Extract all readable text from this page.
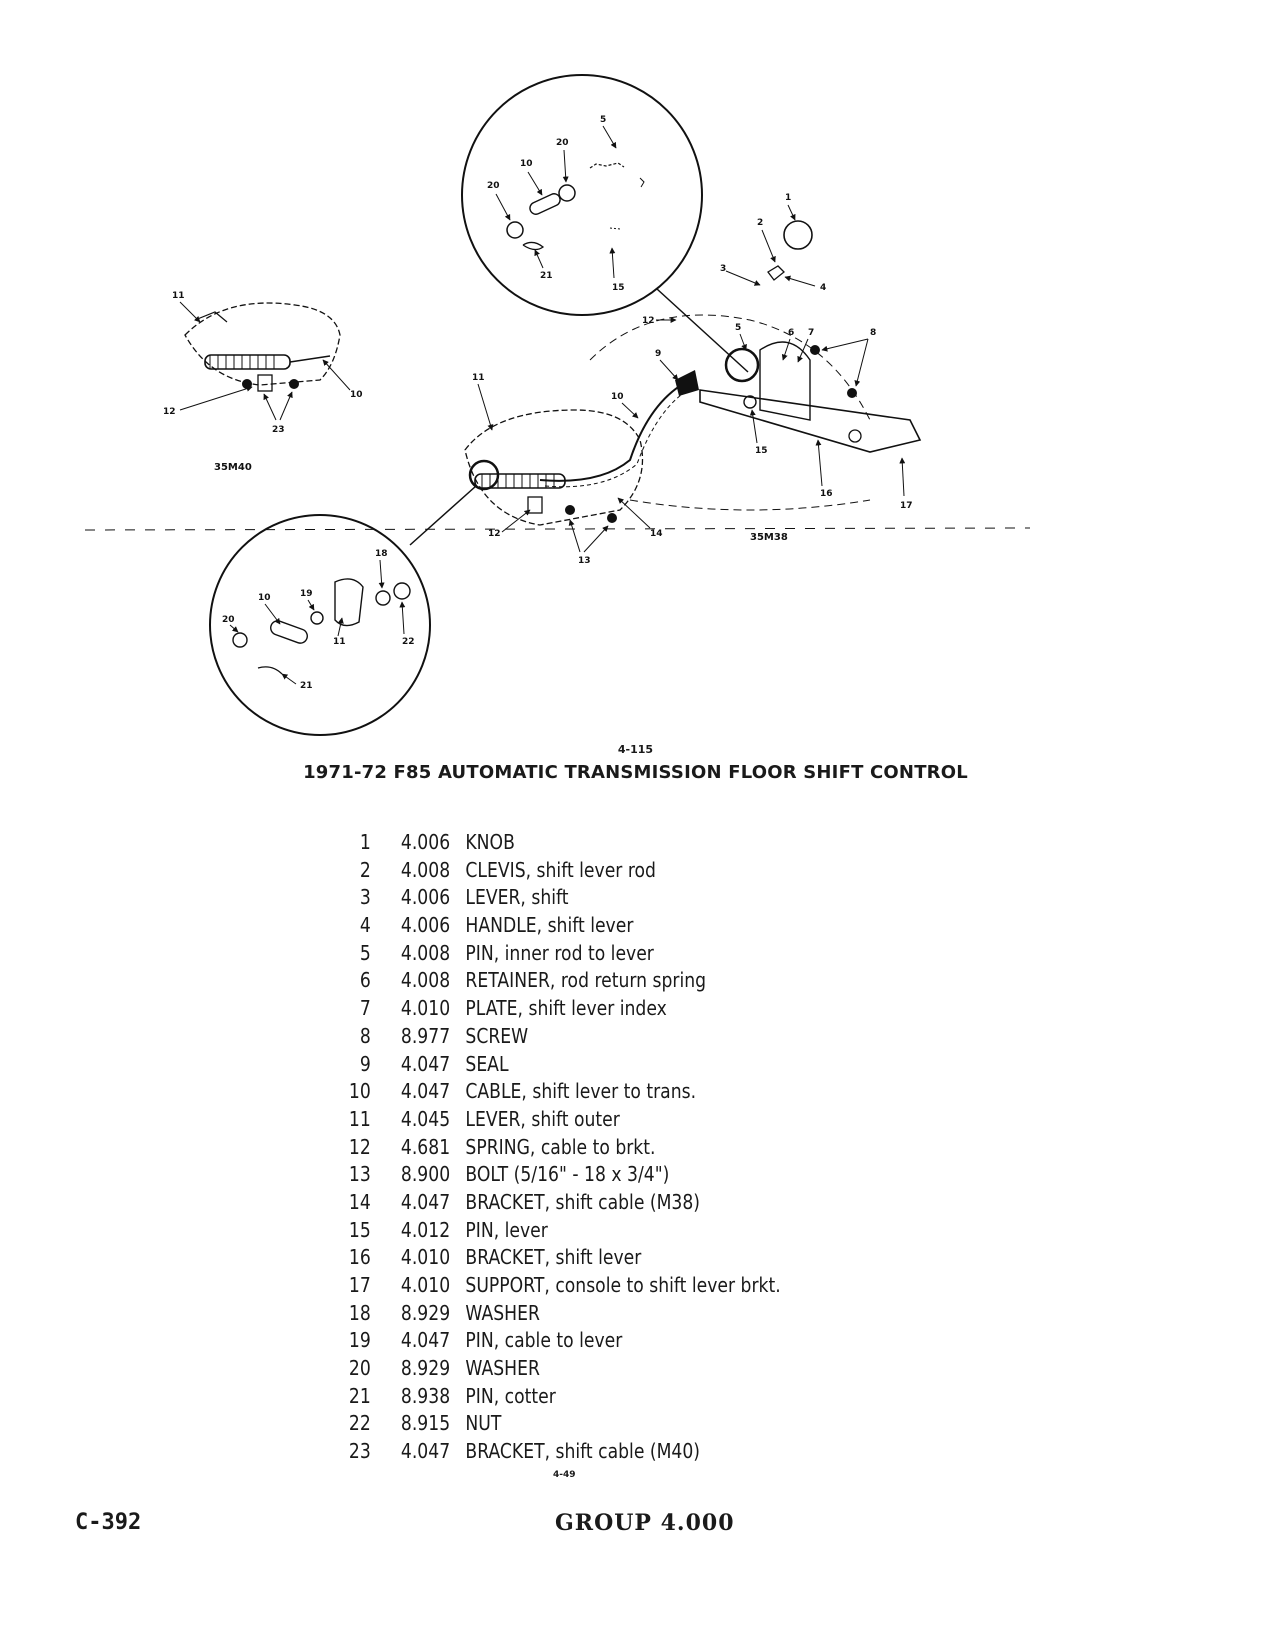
5
20
10
20
21
15
11
10
12
23
35M40
1
2
3
4
12
5	6 7	8
9
10
11
15
16
17
12
13
14	35M38
18
19
10
20
11	22
21
4-115
1971-72 F85 AUTOMATIC TRANSMISSION FLOOR SHIFT CONTROL
1 4.006 KNOB
2 4.008 CLEVIS, shift lever rod
3 4.006 LEVER, shift
4 4.006 HANDLE, shift lever
5 4.008 PIN, inner rod to lever
6 4.008 RETAINER, rod return spring
7 4.010 PLATE, shift lever index
8 8.977 SCREW
9 4.047 SEAL
10 4.047 CABLE, shift lever to trans.
11 4.045 LEVER, shift outer
12 4.681 SPRING, cable to brkt.
13 8.900 BOLT (5/16" - 18 x 3/4")
14 4.047 BRACKET, shift cable (M38)
15 4.012 PIN, lever
16 4.010 BRACKET, shift lever
17 4.010 SUPPORT, console to shift lever brkt.
18 8.929 WASHER
19 4.047 PIN, cable to lever
20 8.929 WASHER
21 8.938 PIN, cotter
22 8.915 NUT
23 4.047 BRACKET, shift cable (M40)
4-49
C-392	GROUP 4.000
